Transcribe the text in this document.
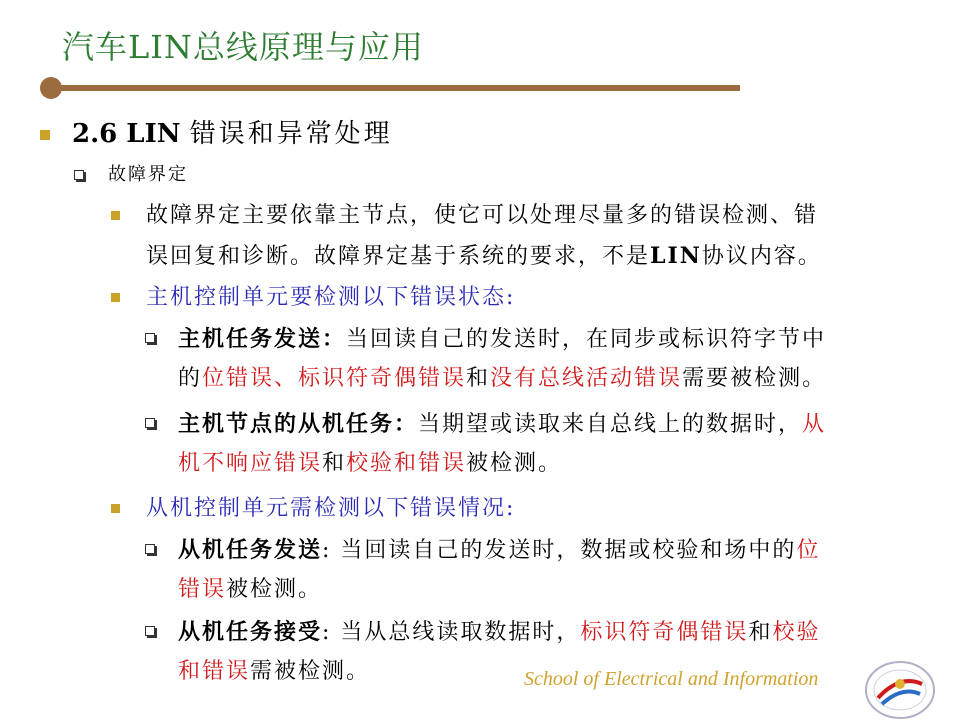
汽车LIN总线原理与应用
2.6 LIN 错误和异常处理
故障界定
故障界定主要依靠主节点，使它可以处理尽量多的错误检测、错
误回复和诊断。故障界定基于系统的要求，不是LIN协议内容。
主机控制单元要检测以下错误状态:
主机任务发送：当回读自己的发送时，在同步或标识符字节中
的位错误、标识符奇偶错误和没有总线活动错误需要被检测。
主机节点的从机任务：当期望或读取来自总线上的数据时，从
机不响应错误和校验和错误被检测。
从机控制单元需检测以下错误情况:
从机任务发送: 当回读自己的发送时，数据或校验和场中的位
错误被检测。
从机任务接受: 当从总线读取数据时，标识符奇偶错误和校验
和错误需被检测。	School of Electrical and Information
